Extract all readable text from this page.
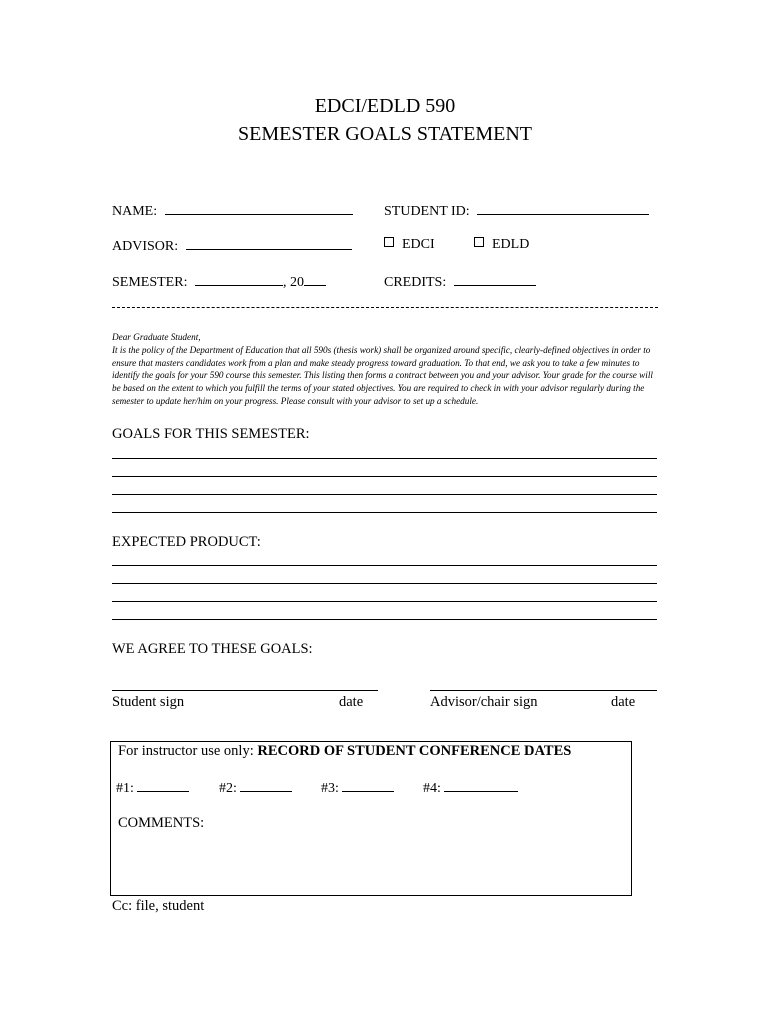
EDCI/EDLD 590
SEMESTER GOALS STATEMENT
NAME:	STUDENT ID:
ADVISOR:	EDCI	EDLD
SEMESTER:	, 20	CREDITS:

Dear Graduate Student,

It is the policy of the Department of Education that all 590s (thesis work) shall be organized around specific, clearly-defined objectives in order to ensure that masters candidates work from a plan and make steady progress toward graduation. To that end, we ask you to take a few minutes to identify the goals for your 590 course this semester. This listing then forms a contract between you and your advisor. Your grade for the course will be based on the extent to which you fulfill the terms of your stated objectives. You are required to check in with your advisor regularly during the semester to update her/him on your progress. Please consult with your advisor to set up a schedule.

GOALS FOR THIS SEMESTER:
EXPECTED PRODUCT:
WE AGREE TO THESE GOALS:
Student sign	date	Advisor/chair sign	date
For instructor use only: RECORD OF STUDENT CONFERENCE DATES
#1:	#2:	#3:	#4:
COMMENTS:
Cc: file, student
